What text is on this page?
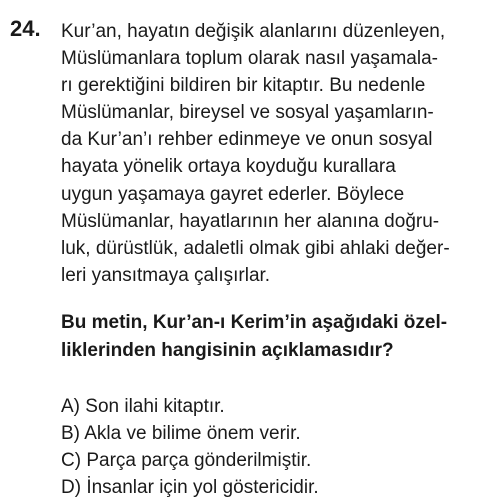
24. Kur’an, hayatın değişik alanlarını düzenleyen,
Müslümanlara toplum olarak nasıl yaşamala-
rı gerektiğini bildiren bir kitaptır. Bu nedenle
Müslümanlar, bireysel ve sosyal yaşamların-
da Kur’an’ı rehber edinmeye ve onun sosyal
hayata yönelik ortaya koyduğu kurallara
uygun yaşamaya gayret ederler. Böylece
Müslümanlar, hayatlarının her alanına doğru-
luk, dürüstlük, adaletli olmak gibi ahlaki değer-
leri yansıtmaya çalışırlar.
Bu metin, Kur’an-ı Kerim’in aşağıdaki özel-
liklerinden hangisinin açıklamasıdır?
A) Son ilahi kitaptır.
B) Akla ve bilime önem verir.
C) Parça parça gönderilmiştir.
D) İnsanlar için yol göstericidir.
